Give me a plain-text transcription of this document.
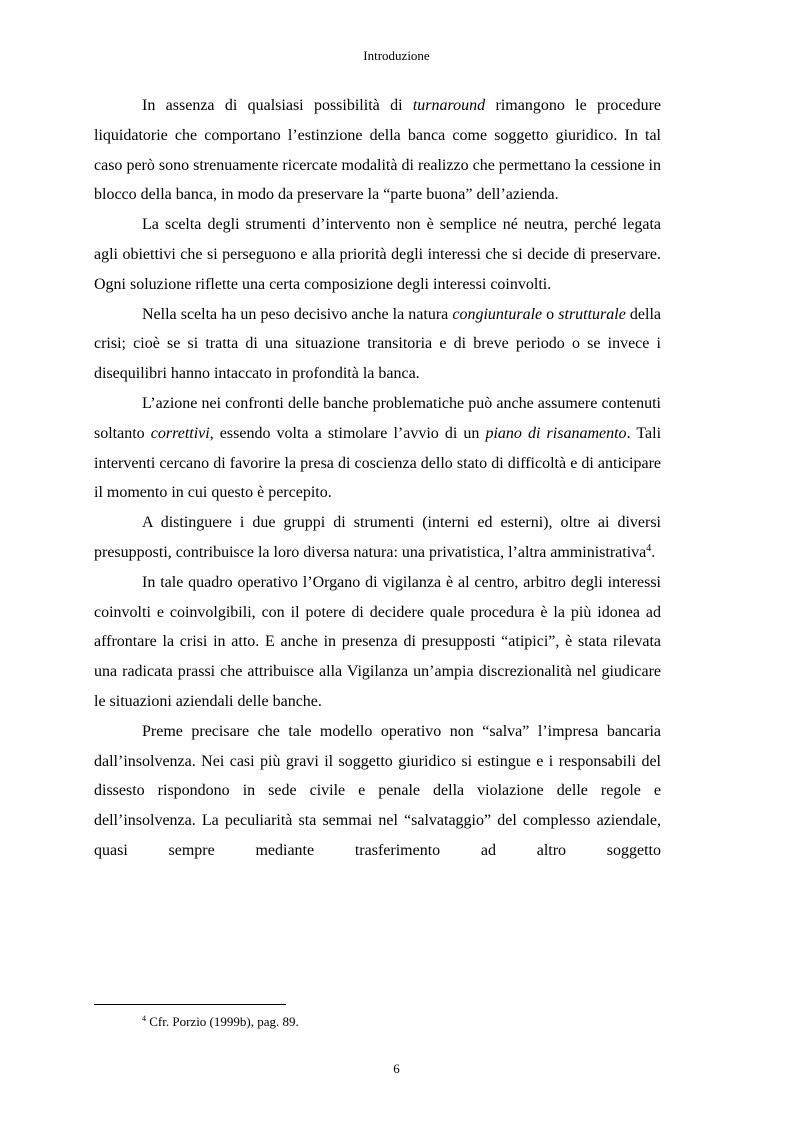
Introduzione

In assenza di qualsiasi possibilità di turnaround rimangono le procedure liquidatorie che comportano l’estinzione della banca come soggetto giuridico. In tal caso però sono strenuamente ricercate modalità di realizzo che permettano la cessione in blocco della banca, in modo da preservare la “parte buona” dell’azienda.

La scelta degli strumenti d’intervento non è semplice né neutra, perché legata agli obiettivi che si perseguono e alla priorità degli interessi che si decide di preservare. Ogni soluzione riflette una certa composizione degli interessi coinvolti.

Nella scelta ha un peso decisivo anche la natura congiunturale o strutturale della crisi; cioè se si tratta di una situazione transitoria e di breve periodo o se invece i disequilibri hanno intaccato in profondità la banca.

L’azione nei confronti delle banche problematiche può anche assumere contenuti soltanto correttivi, essendo volta a stimolare l’avvio di un piano di risanamento. Tali interventi cercano di favorire la presa di coscienza dello stato di difficoltà e di anticipare il momento in cui questo è percepito.

A distinguere i due gruppi di strumenti (interni ed esterni), oltre ai diversi presupposti, contribuisce la loro diversa natura: una privatistica, l’altra amministrativa$^4$.

In tale quadro operativo l’Organo di vigilanza è al centro, arbitro degli interessi coinvolti e coinvolgibili, con il potere di decidere quale procedura è la più idonea ad affrontare la crisi in atto. E anche in presenza di presupposti “atipici”, è stata rilevata una radicata prassi che attribuisce alla Vigilanza un’ampia discrezionalità nel giudicare le situazioni aziendali delle banche.

Preme precisare che tale modello operativo non “salva” l’impresa bancaria dall’insolvenza. Nei casi più gravi il soggetto giuridico si estingue e i responsabili del dissesto rispondono in sede civile e penale della violazione delle regole e dell’insolvenza. La peculiarità sta semmai nel “salvataggio” del complesso aziendale, quasi sempre mediante trasferimento ad altro soggetto

$^4$ Cfr. Porzio (1999b), pag. 89.
6
